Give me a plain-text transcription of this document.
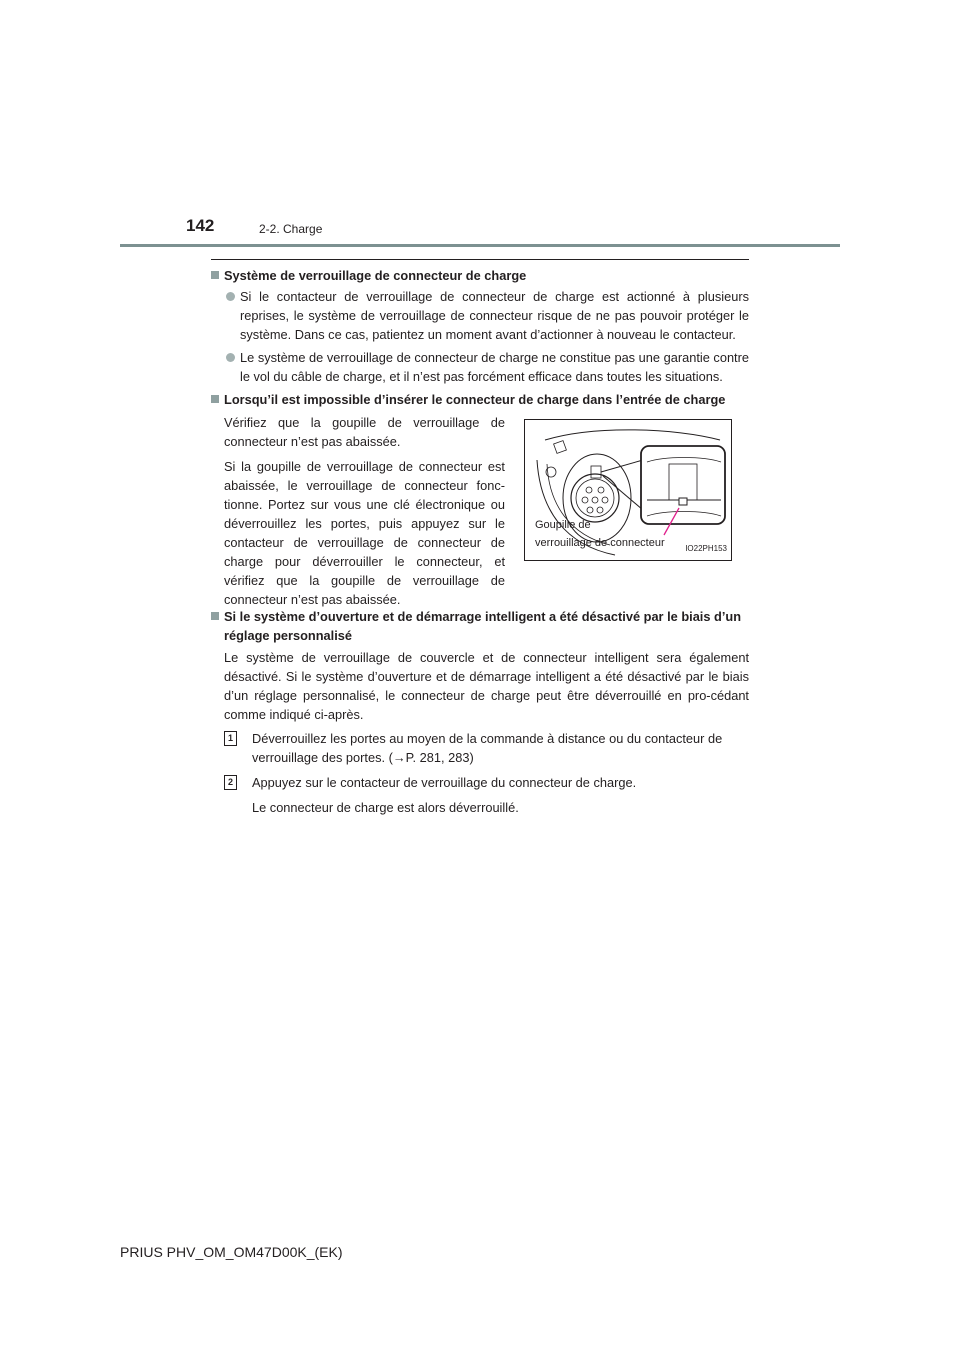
142	2-2. Charge

Système de verrouillage de connecteur de charge

Si le contacteur de verrouillage de connecteur de charge est actionné à plusieurs reprises, le système de verrouillage de connecteur risque de ne pas pouvoir protéger le système. Dans ce cas, patientez un moment avant d’actionner à nouveau le contacteur.

Le système de verrouillage de connecteur de charge ne constitue pas une garantie contre le vol du câble de charge, et il n’est pas forcément efficace dans toutes les situations.

Lorsqu’il est impossible d’insérer le connecteur de charge dans l’entrée de charge

Vérifiez que la goupille de verrouillage de connecteur n’est pas abaissée.

Si la goupille de verrouillage de connecteur est abaissée, le verrouillage de connecteur fonc-tionne. Portez sur vous une clé électronique ou déverrouillez les portes, puis appuyez sur le contacteur de verrouillage de connecteur de charge pour déverrouiller le connecteur, et vérifiez que la goupille de verrouillage de connecteur n’est pas abaissée.

Goupille de
verrouillage de connecteur	IO22PH153

Si le système d’ouverture et de démarrage intelligent a été désactivé par le biais d’un réglage personnalisé

Le système de verrouillage de couvercle et de connecteur intelligent sera également désactivé. Si le système d’ouverture et de démarrage intelligent a été désactivé par le biais d’un réglage personnalisé, le connecteur de charge peut être déverrouillé en pro-cédant comme indiqué ci-après.

1	Déverrouillez les portes au moyen de la commande à distance ou du contacteur de verrouillage des portes. (→P. 281, 283)
2	Appuyez sur le contacteur de verrouillage du connecteur de charge.

Le connecteur de charge est alors déverrouillé.

PRIUS PHV_OM_OM47D00K_(EK)
